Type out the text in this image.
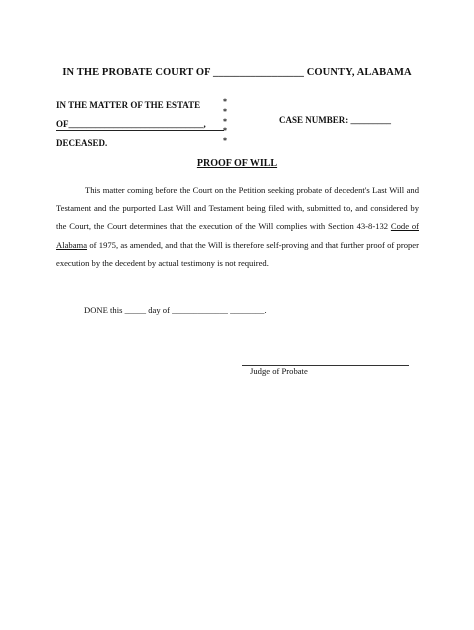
IN THE PROBATE COURT OF _________________ COUNTY, ALABAMA
IN THE MATTER OF THE ESTATE
OF______________________________,
DECEASED.
*
*
*
*
*
CASE NUMBER: _________
PROOF OF WILL

This matter coming before the Court on the Petition seeking probate of decedent's Last Will and Testament and the purported Last Will and Testament being filed with, submitted to, and considered by the Court, the Court determines that the execution of the Will complies with Section 43-8-132 Code of Alabama of 1975, as amended, and that the Will is therefore self-proving and that further proof of proper execution by the decedent by actual testimony is not required.

DONE this _____ day of _____________ ________.
Judge of Probate
